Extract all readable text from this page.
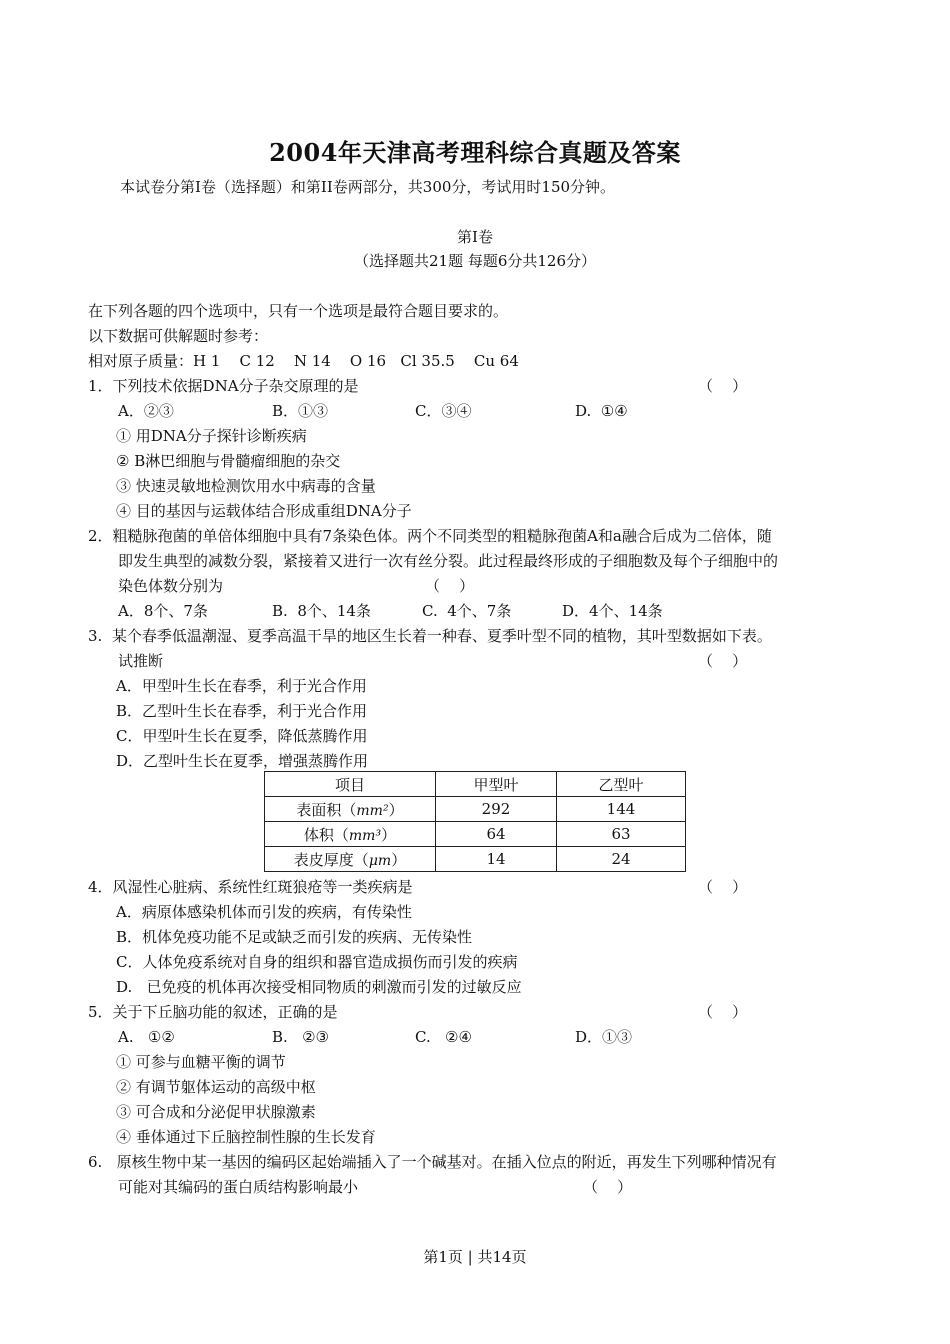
2004年天津高考理科综合真题及答案
本试卷分第Ⅰ卷（选择题）和第II卷两部分，共300分，考试用时150分钟。
第Ⅰ卷
（选择题共21题 每题6分共126分）
在下列各题的四个选项中，只有一个选项是最符合题目要求的。
以下数据可供解题时参考：
相对原子质量：H 1    C 12    N 14    O 16   Cl 35.5    Cu 64
1．下列技术依据DNA分子杂交原理的是	（    ）
A．②③	B．①③	C．③④	D.  ①④
① 用DNA分子探针诊断疾病
② B淋巴细胞与骨髓瘤细胞的杂交
③ 快速灵敏地检测饮用水中病毒的含量
④ 目的基因与运载体结合形成重组DNA分子
2．粗糙脉孢菌的单倍体细胞中具有7条染色体。两个不同类型的粗糙脉孢菌A和a融合后成为二倍体，随
即发生典型的减数分裂，紧接着又进行一次有丝分裂。此过程最终形成的子细胞数及每个子细胞中的
染色体数分别为	（    ）
A．8个、7条	B.  8个、14条	C.  4个、7条	D．4个、14条
3.  某个春季低温潮湿、夏季高温干旱的地区生长着一种春、夏季叶型不同的植物，其叶型数据如下表。
试推断	（    ）
A．甲型叶生长在春季，利于光合作用
B．乙型叶生长在春季，利于光合作用
C．甲型叶生长在夏季，降低蒸腾作用
D．乙型叶生长在夏季，增强蒸腾作用
项目	甲型叶	乙型叶
表面积（mm²）	292	144
体积（mm³）	64	63
表皮厚度（μm）	14	24
4．风湿性心脏病、系统性红斑狼疮等一类疾病是	（    ）
A．病原体感染机体而引发的疾病，有传染性
B．机体免疫功能不足或缺乏而引发的疾病、无传染性
C．人体免疫系统对自身的组织和器官造成损伤而引发的疾病
D.   已免疫的机体再次接受相同物质的刺激而引发的过敏反应
5．关于下丘脑功能的叙述，正确的是	（    ）
A.   ①②	B.   ②③	C.   ②④	D．①③
① 可参与血糖平衡的调节
② 有调节躯体运动的高级中枢
③ 可合成和分泌促甲状腺激素
④ 垂体通过下丘脑控制性腺的生长发育
6.   原核生物中某一基因的编码区起始端插入了一个碱基对。在插入位点的附近，再发生下列哪种情况有
可能对其编码的蛋白质结构影响最小	（    ）
第1页 | 共14页
